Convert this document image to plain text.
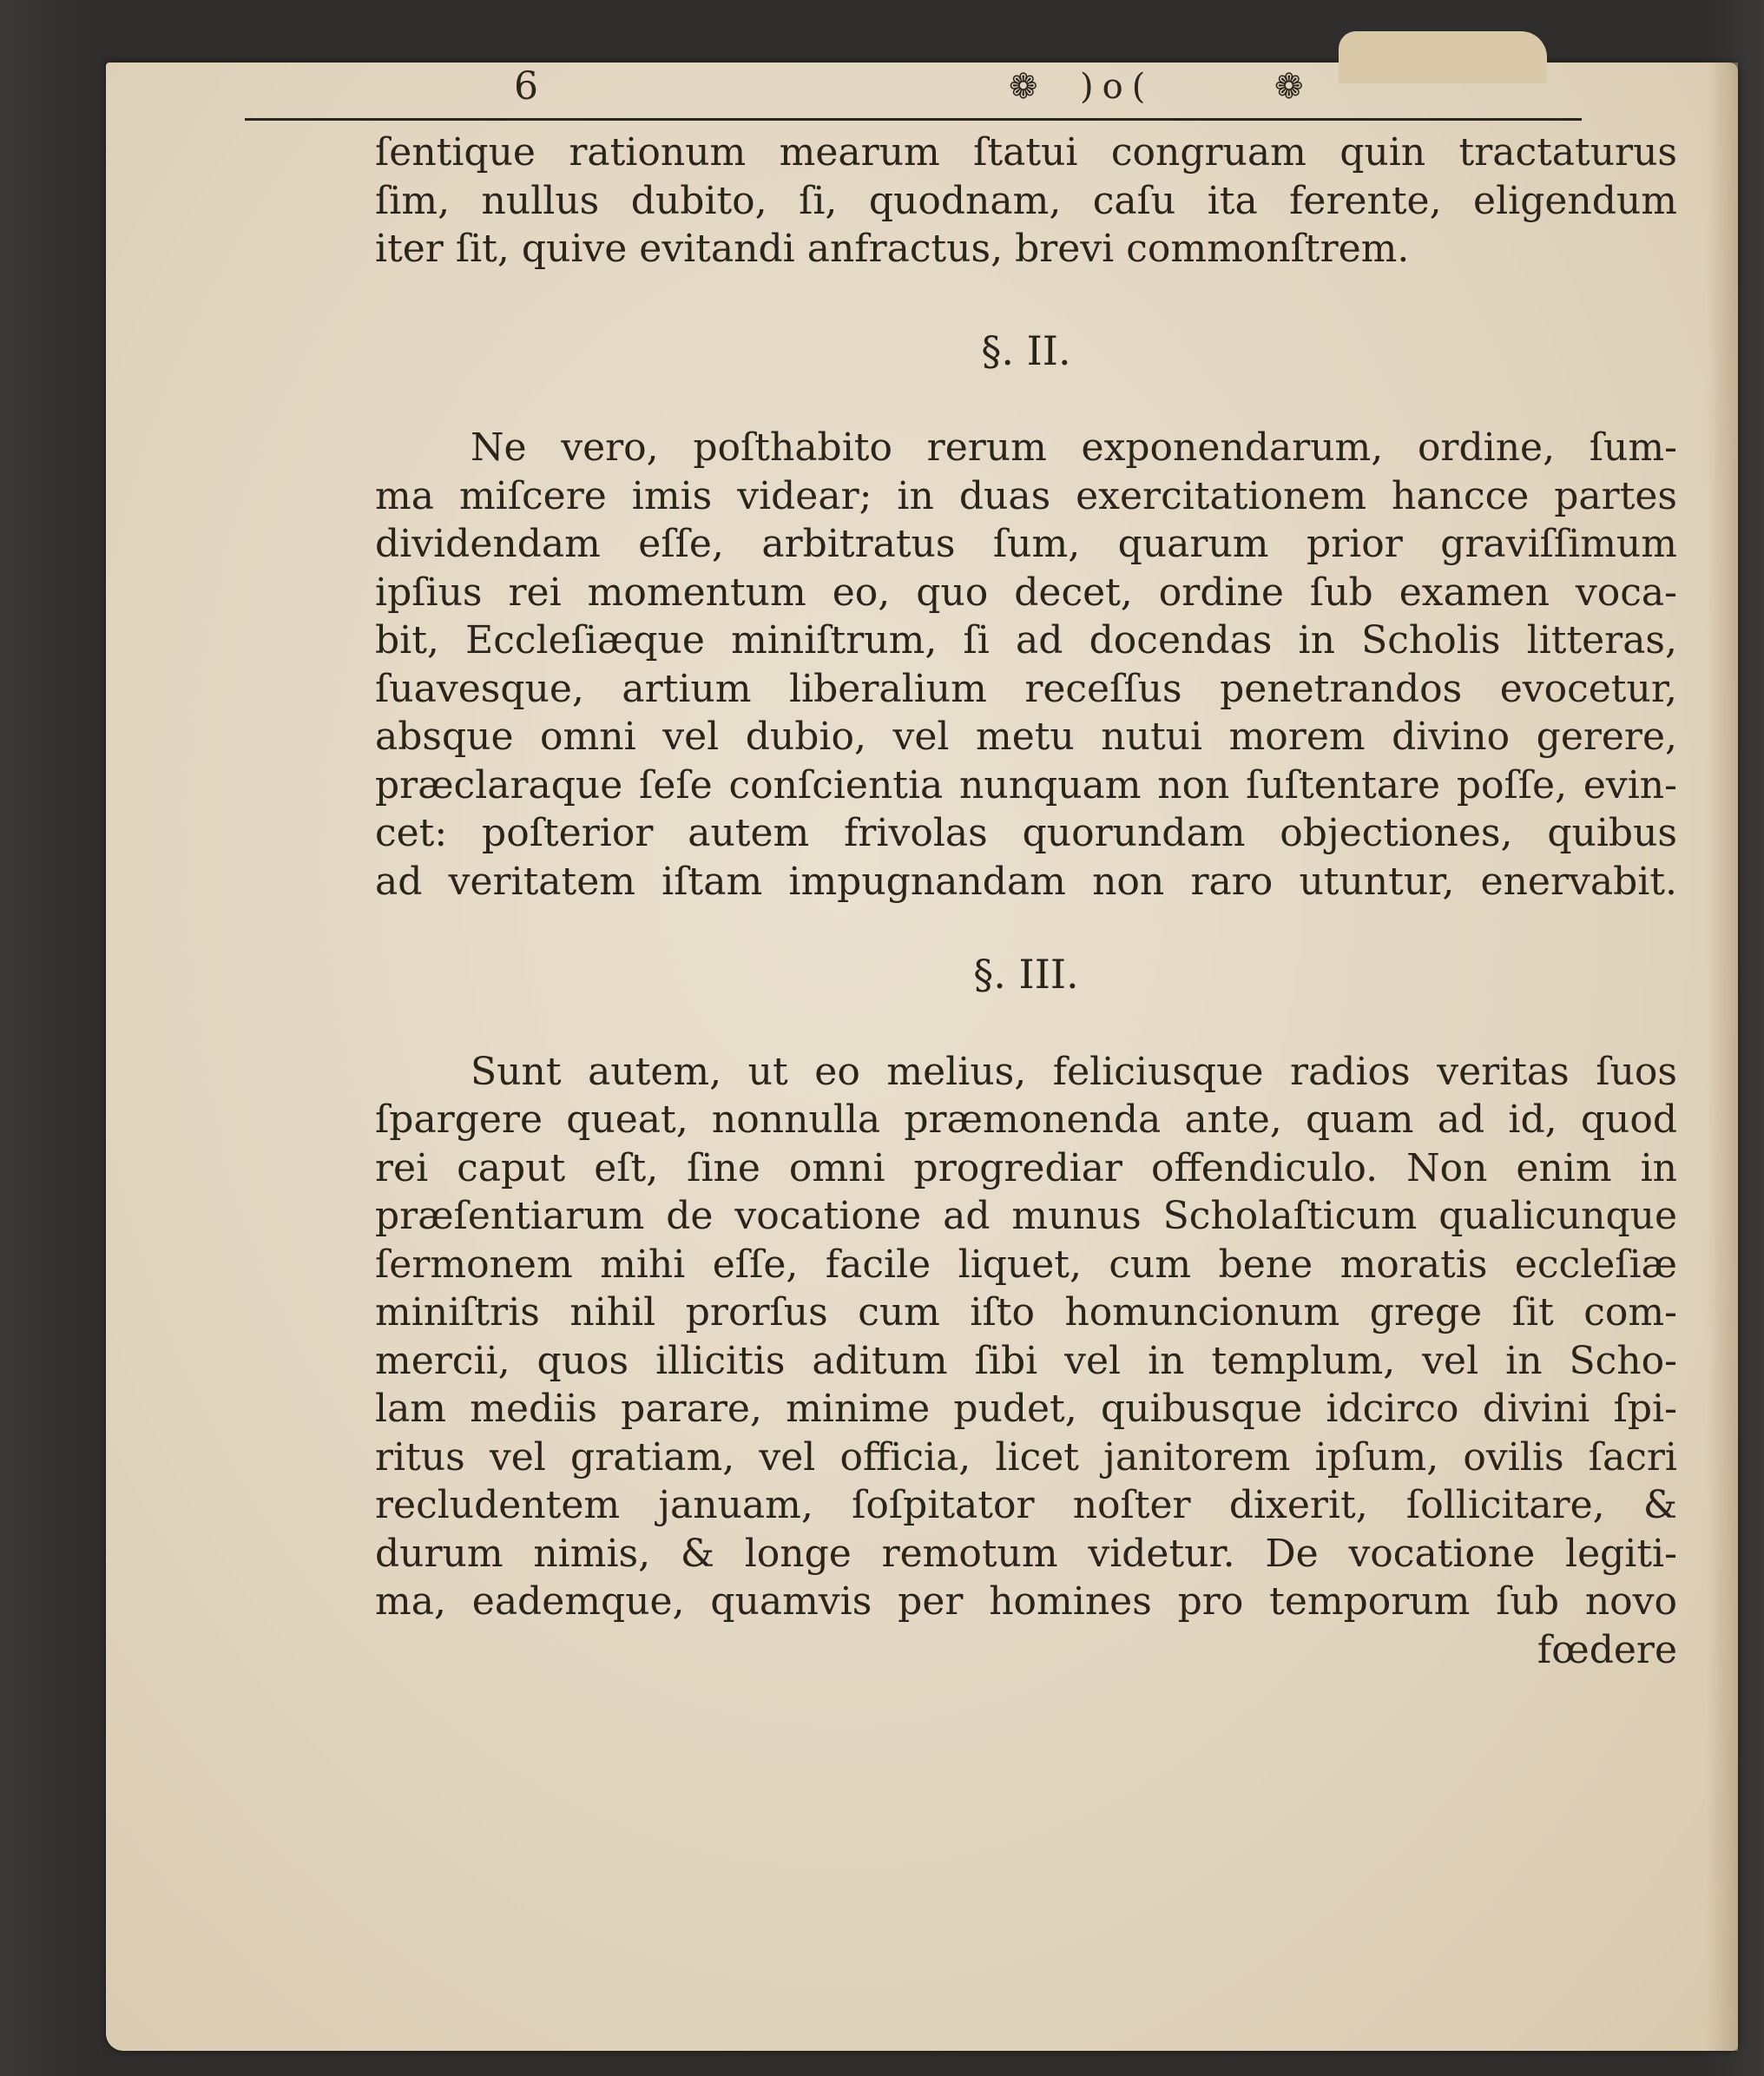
6	❁ )o(	❁
ſentique rationum mearum ſtatui congruam quin tractaturus
ſim, nullus dubito, ſi, quodnam, caſu ita ferente, eligendum
iter ſit, quive evitandi anfractus, brevi commonſtrem.
§. II.
Ne vero, poſthabito rerum exponendarum, ordine, ſum-
ma miſcere imis videar; in duas exercitationem hancce partes
dividendam eſſe, arbitratus ſum, quarum prior graviſſimum
ipſius rei momentum eo, quo decet, ordine ſub examen voca-
bit, Eccleſiæque miniſtrum, ſi ad docendas in Scholis litteras,
ſuavesque, artium liberalium receſſus penetrandos evocetur,
absque omni vel dubio, vel metu nutui morem divino gerere,
præclaraque ſeſe conſcientia nunquam non ſuſtentare poſſe, evin-
cet: poſterior autem frivolas quorundam objectiones, quibus
ad veritatem iſtam impugnandam non raro utuntur, enervabit.
§. III.
Sunt autem, ut eo melius, feliciusque radios veritas ſuos
ſpargere queat, nonnulla præmonenda ante, quam ad id, quod
rei caput eſt, ſine omni progrediar offendiculo. Non enim in
præſentiarum de vocatione ad munus Scholaſticum qualicunque
ſermonem mihi eſſe, facile liquet, cum bene moratis eccleſiæ
miniſtris nihil prorſus cum iſto homuncionum grege ſit com-
mercii, quos illicitis aditum ſibi vel in templum, vel in Scho-
lam mediis parare, minime pudet, quibusque idcirco divini ſpi-
ritus vel gratiam, vel officia, licet janitorem ipſum, ovilis ſacri
recludentem januam, ſoſpitator noſter dixerit, ſollicitare, &
durum nimis, & longe remotum videtur. De vocatione legiti-
ma, eademque, quamvis per homines pro temporum ſub novo
fœdere
